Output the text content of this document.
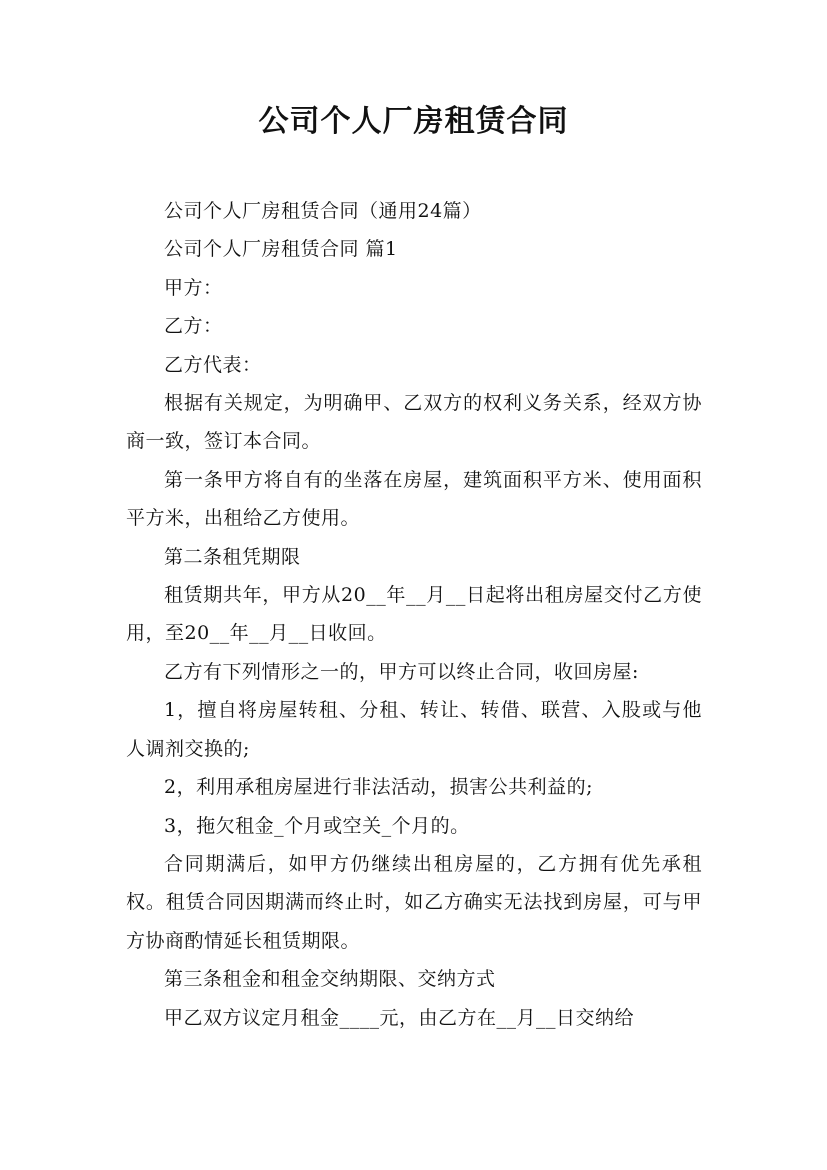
公司个人厂房租赁合同

公司个人厂房租赁合同（通用24篇）

公司个人厂房租赁合同 篇1

甲方：

乙方：

乙方代表：

根据有关规定，为明确甲、乙双方的权利义务关系，经双方协商一致，签订本合同。

第一条甲方将自有的坐落在房屋，建筑面积平方米、使用面积平方米，出租给乙方使用。

第二条租凭期限

租赁期共年，甲方从20__年__月__日起将出租房屋交付乙方使用，至20__年__月__日收回。

乙方有下列情形之一的，甲方可以终止合同，收回房屋:

1，擅自将房屋转租、分租、转让、转借、联营、入股或与他人调剂交换的;

2，利用承租房屋进行非法活动，损害公共利益的;

3，拖欠租金_个月或空关_个月的。

合同期满后，如甲方仍继续出租房屋的，乙方拥有优先承租权。租赁合同因期满而终止时，如乙方确实无法找到房屋，可与甲方协商酌情延长租赁期限。

第三条租金和租金交纳期限、交纳方式

甲乙双方议定月租金____元，由乙方在__月__日交纳给
